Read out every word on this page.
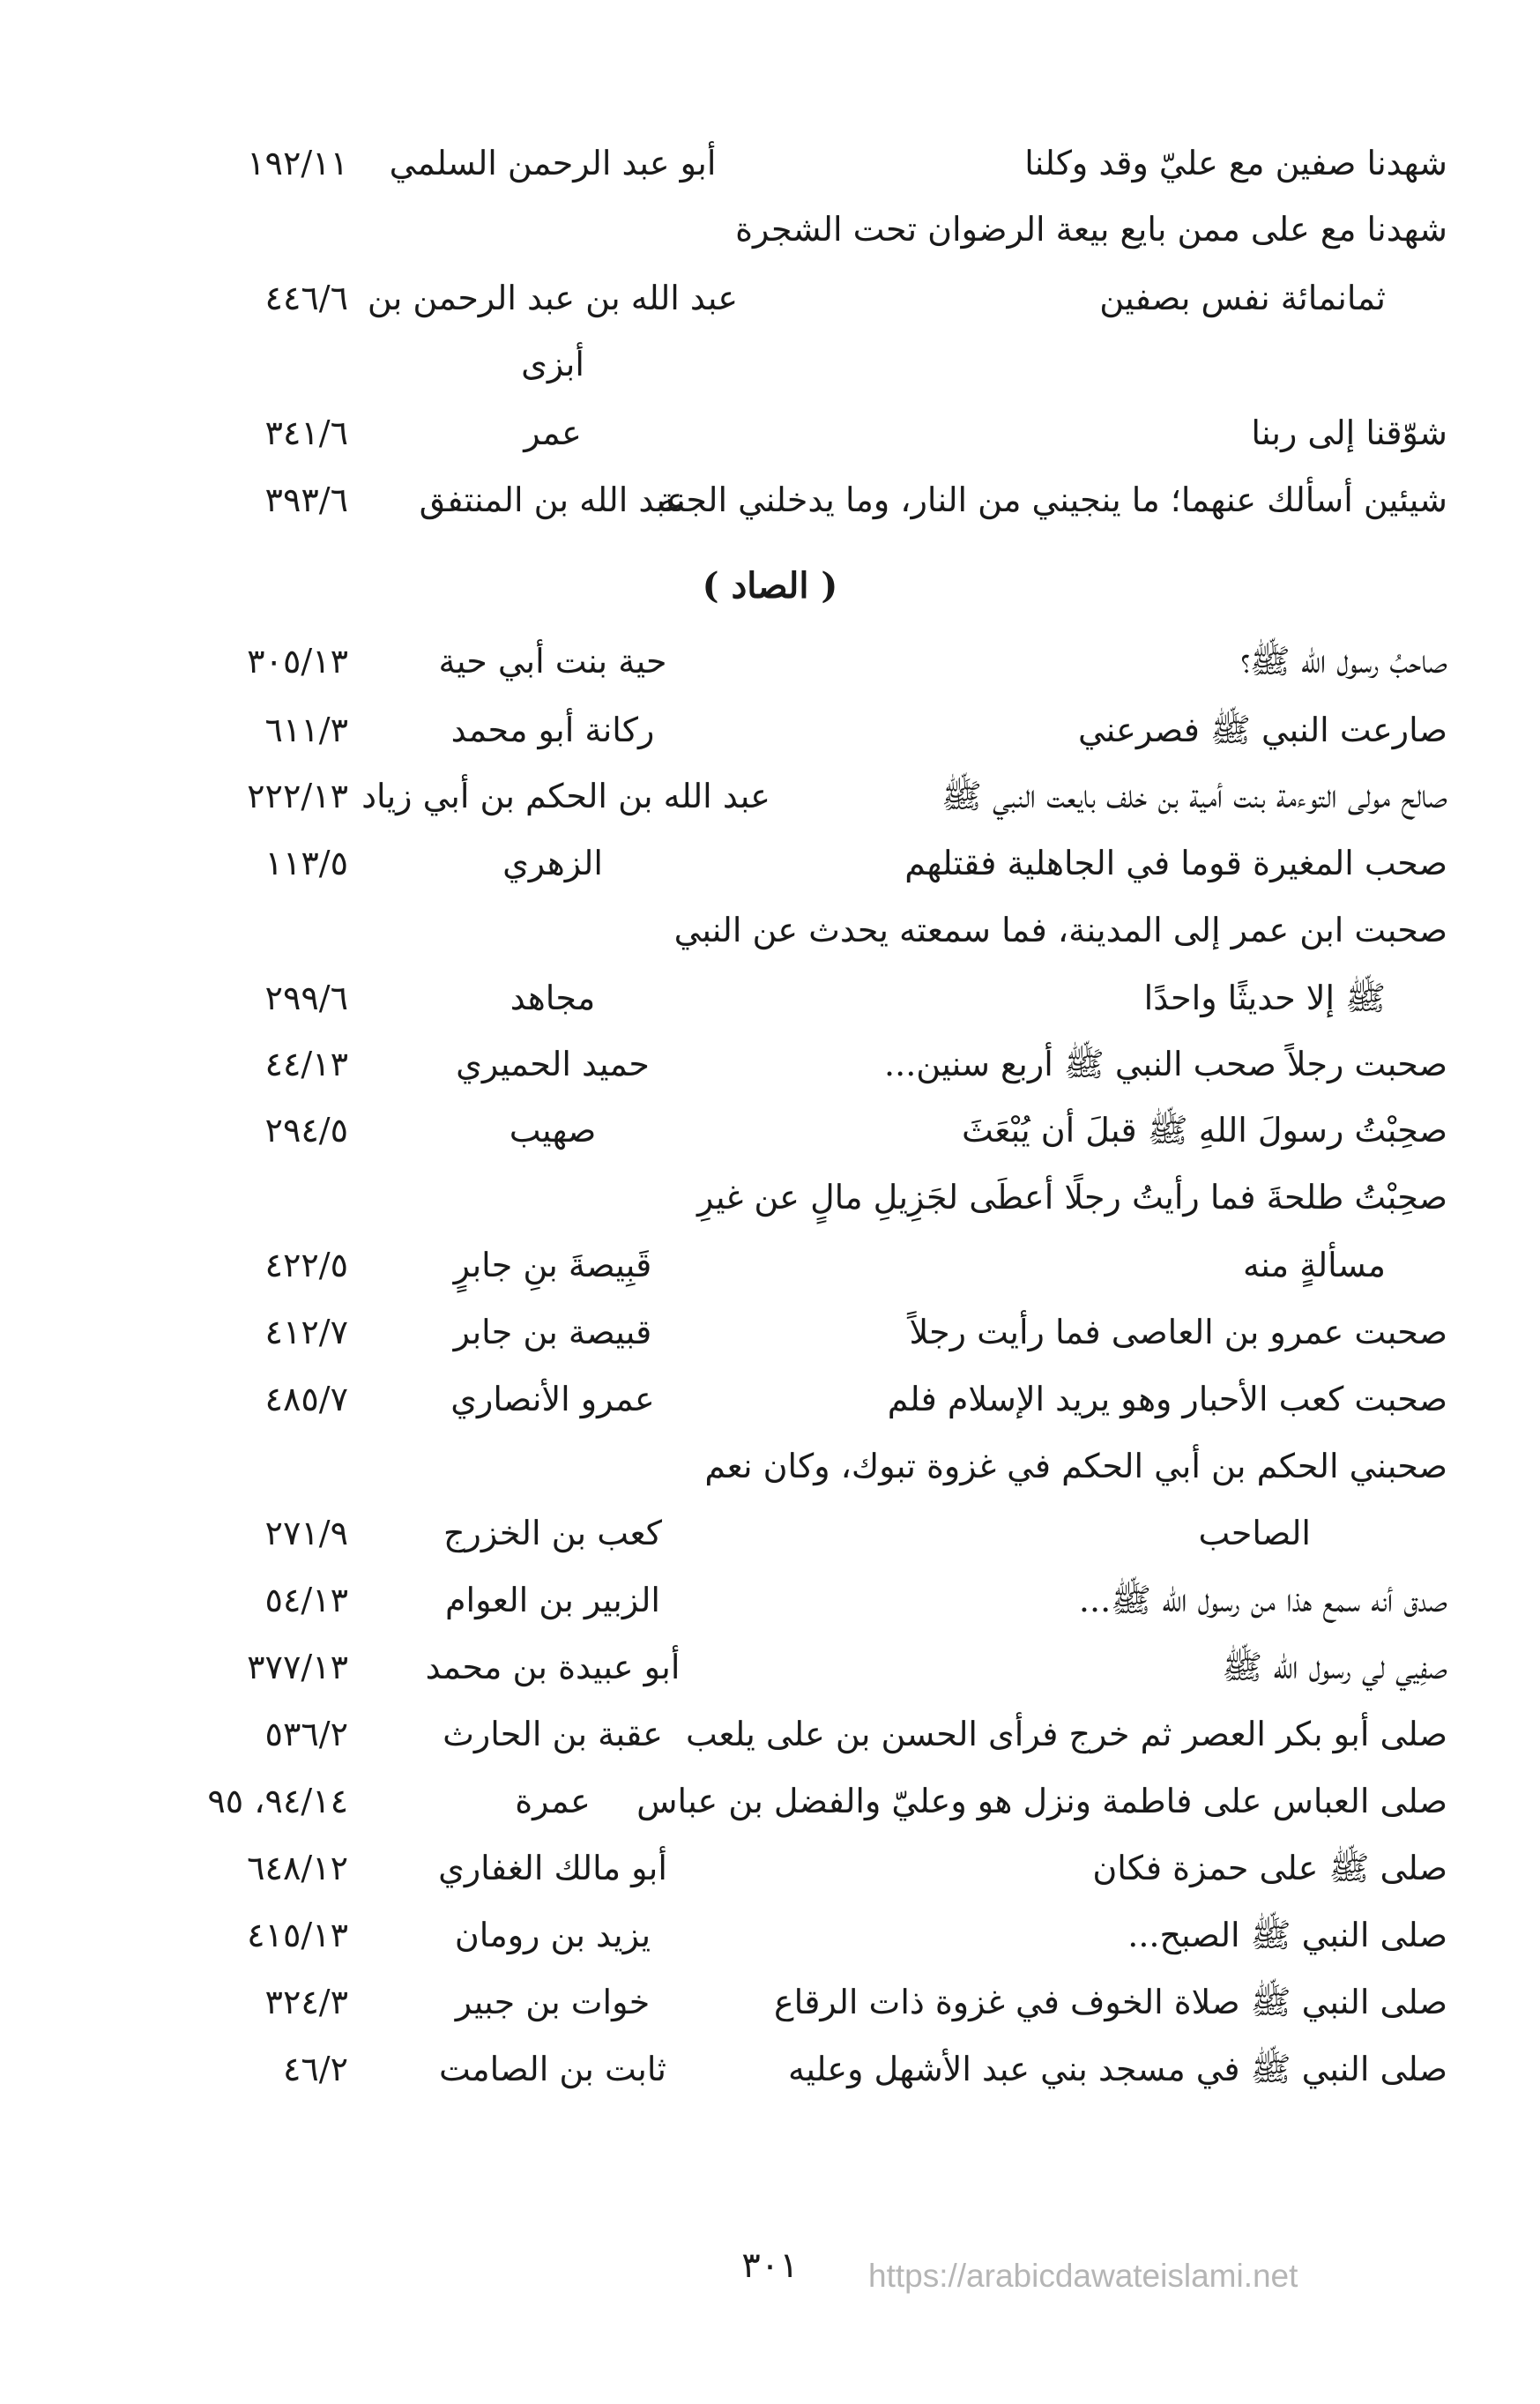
شهدنا صفين مع عليّ وقد وكلنا
أبو عبد الرحمن السلمي
١٩٢/١١
شهدنا مع على ممن بايع بيعة الرضوان تحت الشجرة
ثمانمائة نفس بصفين
عبد الله بن عبد الرحمن بن
٤٤٦/٦
أبزى
شوّقنا إلى ربنا
عمر
٣٤١/٦
شيئين أسألك عنهما؛ ما ينجيني من النار، وما يدخلني الجنة
عبد الله بن المنتفق
٣٩٣/٦
( الصاد )
صاحبُ رسول الله ﷺ؟
حية بنت أبي حية
٣٠٥/١٣
صارعت النبي ﷺ فصرعني
ركانة أبو محمد
٦١١/٣
صالح مولى التوءمة بنت أمية بن خلف بايعت النبي ﷺ
عبد الله بن الحكم بن أبي زياد
٢٢٢/١٣
صحب المغيرة قوما في الجاهلية فقتلهم
الزهري
١١٣/٥
صحبت ابن عمر إلى المدينة، فما سمعته يحدث عن النبي
ﷺ إلا حديثًا واحدًا
مجاهد
٢٩٩/٦
صحبت رجلاً صحب النبي ﷺ أربع سنين...
حميد الحميري
٤٤/١٣
صحِبْتُ رسولَ اللهِ ﷺ قبلَ أن يُبْعَثَ
صهيب
٢٩٤/٥
صحِبْتُ طلحةَ فما رأيتُ رجلًا أعطَى لجَزِيلِ مالٍ عن غيرِ
مسألةٍ منه
قَبِيصةَ بنِ جابرٍ
٤٢٢/٥
صحبت عمرو بن العاصى فما رأيت رجلاً
قبيصة بن جابر
٤١٢/٧
صحبت كعب الأحبار وهو يريد الإسلام فلم
عمرو الأنصاري
٤٨٥/٧
صحبني الحكم بن أبي الحكم في غزوة تبوك، وكان نعم
الصاحب
كعب بن الخزرج
٢٧١/٩
صدق أنه سمع هذا من رسول الله ﷺ...
الزبير بن العوام
٥٤/١٣
صفِيي لي رسول الله ﷺ
أبو عبيدة بن محمد
٣٧٧/١٣
صلى أبو بكر العصر ثم خرج فرأى الحسن بن على يلعب
عقبة بن الحارث
٥٣٦/٢
صلى العباس على فاطمة ونزل هو وعليّ والفضل بن عباس
عمرة
٩٤/١٤، ٩٥
صلى ﷺ على حمزة فكان
أبو مالك الغفاري
٦٤٨/١٢
صلى النبي ﷺ الصبح...
يزيد بن رومان
٤١٥/١٣
صلى النبي ﷺ صلاة الخوف في غزوة ذات الرقاع
خوات بن جبير
٣٢٤/٣
صلى النبي ﷺ في مسجد بني عبد الأشهل وعليه
ثابت بن الصامت
٤٦/٢
٣٠١	https://arabicdawateislami.net
